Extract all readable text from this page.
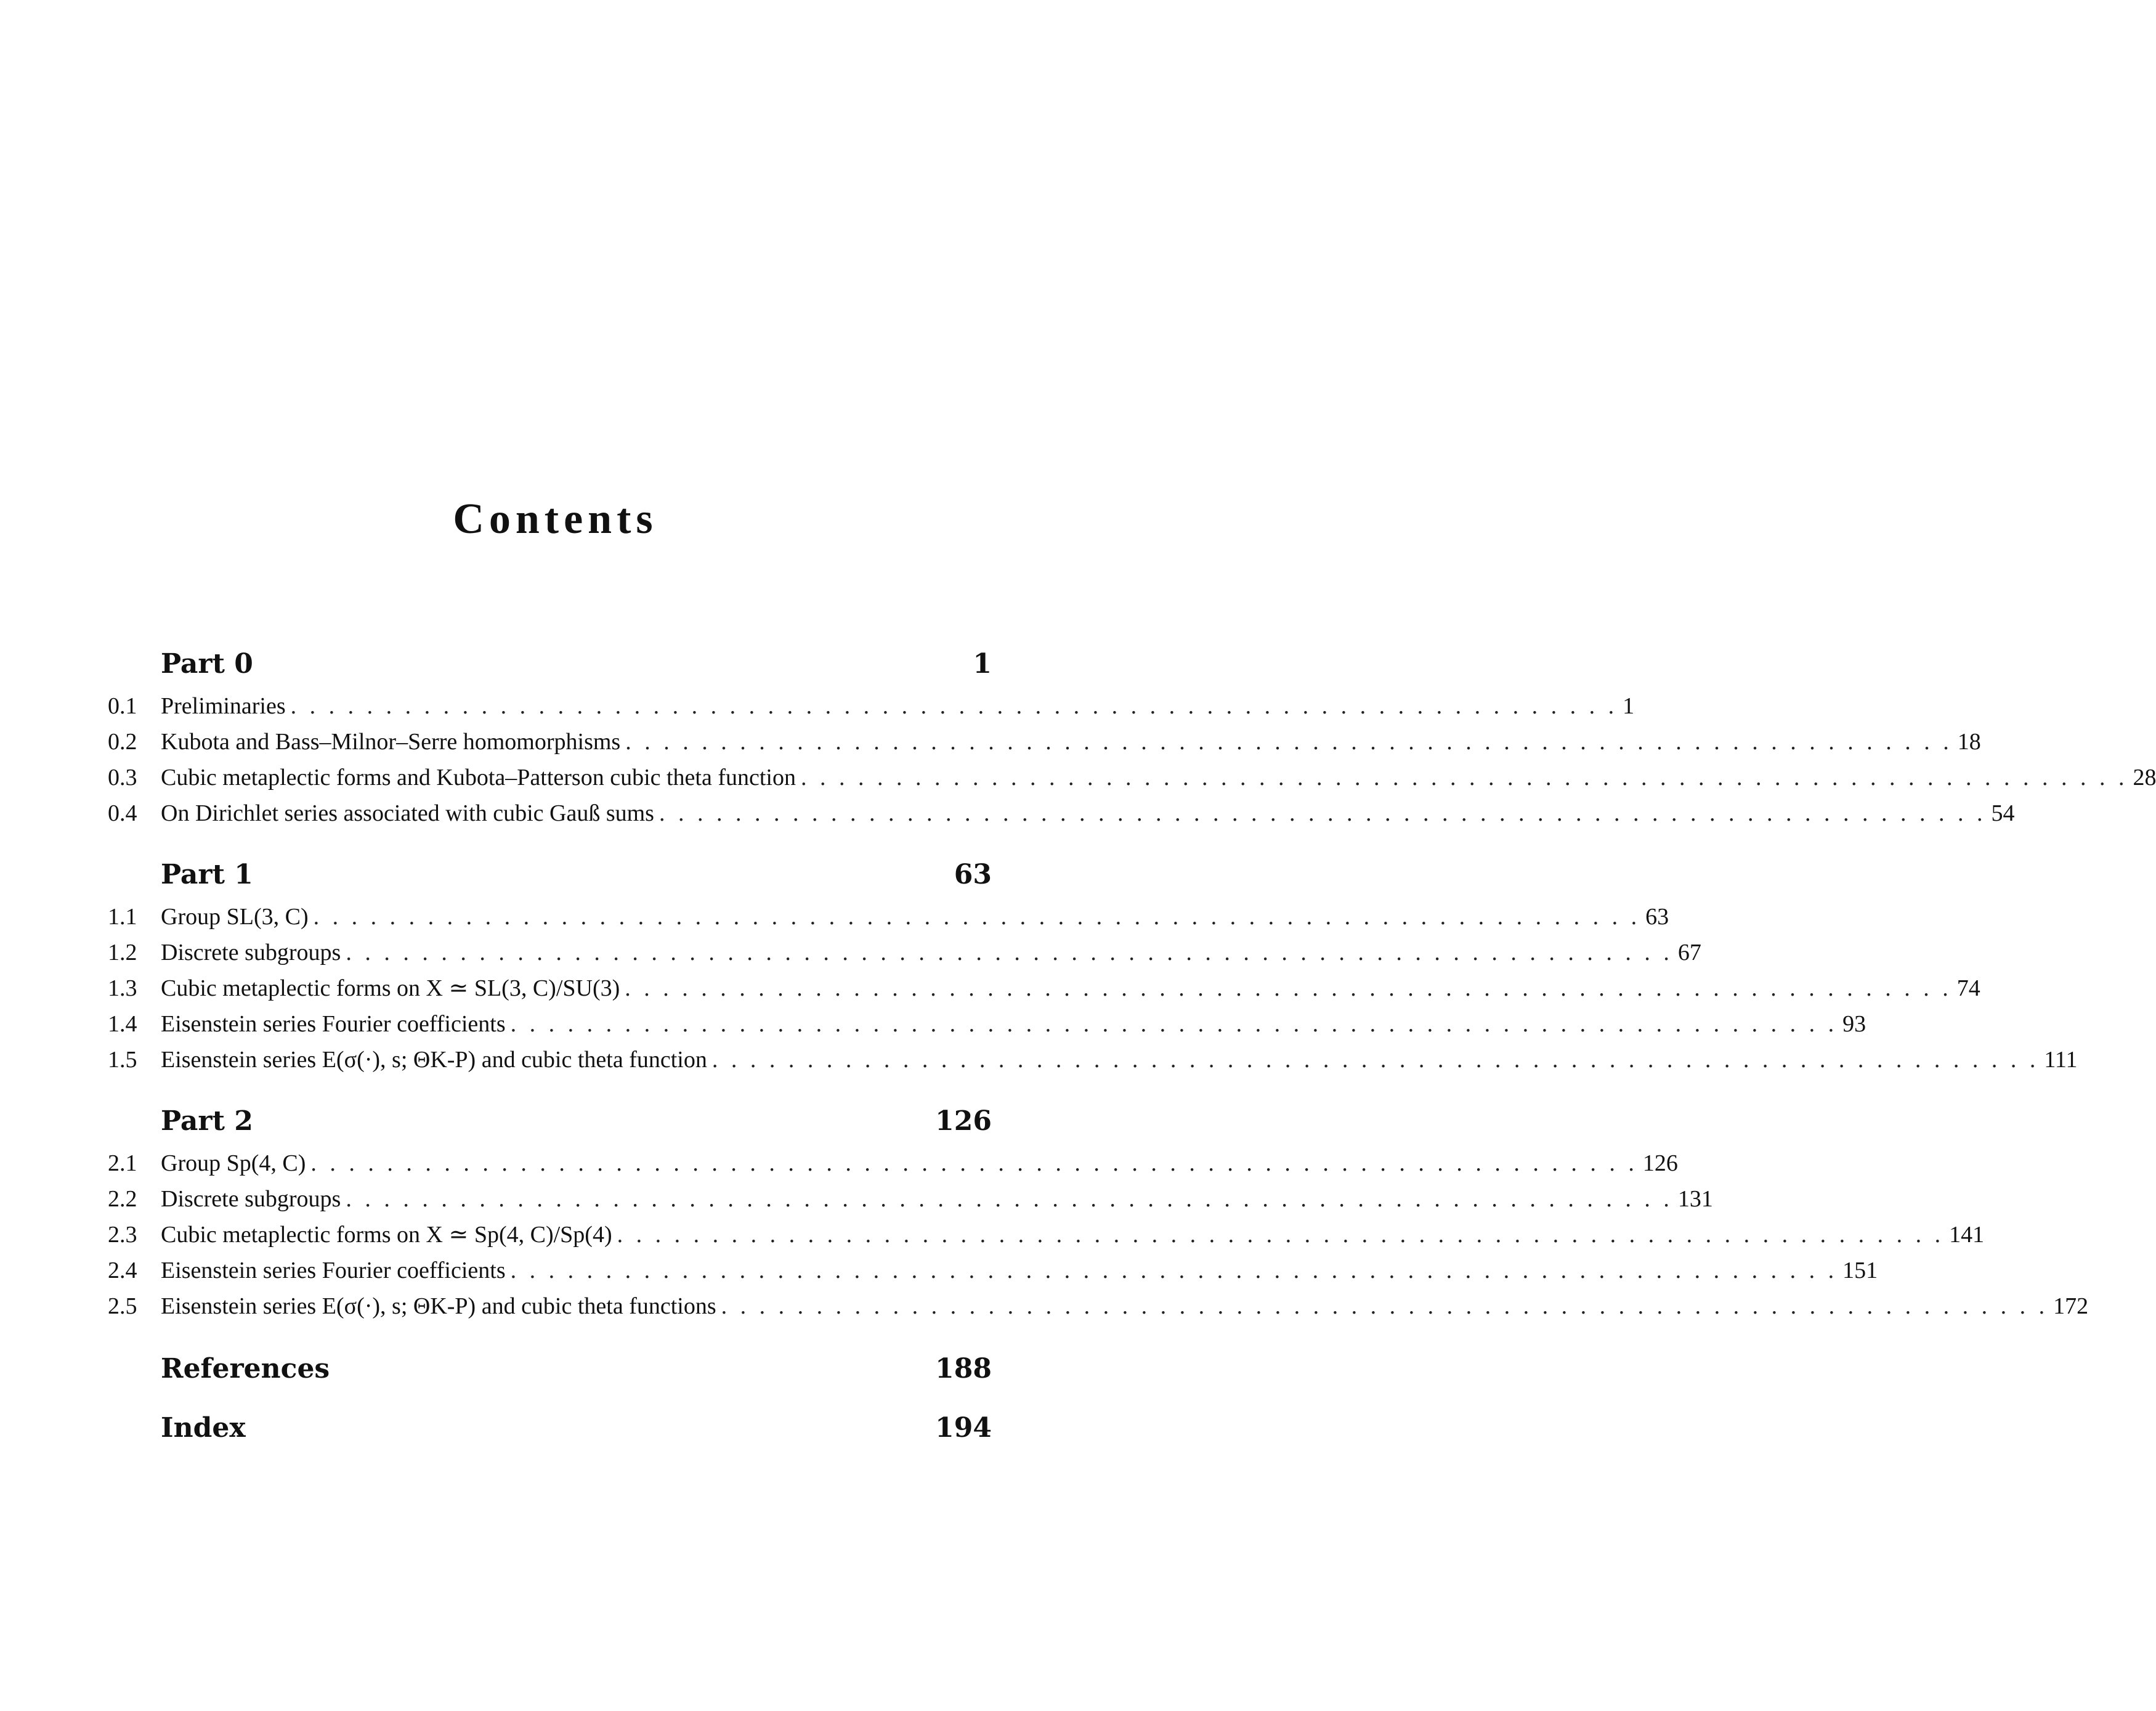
Contents
Part 0	1
0.1	Preliminaries . . . . . . . . . . . . . . . . . . . . . . . . . . . . . . . . . . . . . . . . . . . . . . . . . . . . . . . . . . . . . . . . . . . . . . 1
0.2	Kubota and Bass–Milnor–Serre homomorphisms . . . . . . . . . . . . . . . . . . . . . . . . . . . . . . . . . . . . . . . . . . . . . . . . . . . . . . . . . . . . . . . . . . . . . . 18
0.3	Cubic metaplectic forms and Kubota–Patterson cubic theta function . . . . . . . . . . . . . . . . . . . . . . . . . . . . . . . . . . . . . . . . . . . . . . . . . . . . . . . . . . . . . . . . . . . . . . 28
0.4	On Dirichlet series associated with cubic Gauß sums . . . . . . . . . . . . . . . . . . . . . . . . . . . . . . . . . . . . . . . . . . . . . . . . . . . . . . . . . . . . . . . . . . . . . . 54
Part 1	63
1.1	Group SL(3, C) . . . . . . . . . . . . . . . . . . . . . . . . . . . . . . . . . . . . . . . . . . . . . . . . . . . . . . . . . . . . . . . . . . . . . . 63
1.2	Discrete subgroups . . . . . . . . . . . . . . . . . . . . . . . . . . . . . . . . . . . . . . . . . . . . . . . . . . . . . . . . . . . . . . . . . . . . . . 67
1.3	Cubic metaplectic forms on X ≃ SL(3, C)/SU(3) . . . . . . . . . . . . . . . . . . . . . . . . . . . . . . . . . . . . . . . . . . . . . . . . . . . . . . . . . . . . . . . . . . . . . . 74
1.4	Eisenstein series Fourier coefficients . . . . . . . . . . . . . . . . . . . . . . . . . . . . . . . . . . . . . . . . . . . . . . . . . . . . . . . . . . . . . . . . . . . . . . 93
1.5	Eisenstein series E(σ(·), s; ΘK-P) and cubic theta function . . . . . . . . . . . . . . . . . . . . . . . . . . . . . . . . . . . . . . . . . . . . . . . . . . . . . . . . . . . . . . . . . . . . . . 111
Part 2	126
2.1	Group Sp(4, C) . . . . . . . . . . . . . . . . . . . . . . . . . . . . . . . . . . . . . . . . . . . . . . . . . . . . . . . . . . . . . . . . . . . . . . 126
2.2	Discrete subgroups . . . . . . . . . . . . . . . . . . . . . . . . . . . . . . . . . . . . . . . . . . . . . . . . . . . . . . . . . . . . . . . . . . . . . . 131
2.3	Cubic metaplectic forms on X ≃ Sp(4, C)/Sp(4) . . . . . . . . . . . . . . . . . . . . . . . . . . . . . . . . . . . . . . . . . . . . . . . . . . . . . . . . . . . . . . . . . . . . . . 141
2.4	Eisenstein series Fourier coefficients . . . . . . . . . . . . . . . . . . . . . . . . . . . . . . . . . . . . . . . . . . . . . . . . . . . . . . . . . . . . . . . . . . . . . . 151
2.5	Eisenstein series E(σ(·), s; ΘK-P) and cubic theta functions . . . . . . . . . . . . . . . . . . . . . . . . . . . . . . . . . . . . . . . . . . . . . . . . . . . . . . . . . . . . . . . . . . . . . . 172
References	188
Index	194
